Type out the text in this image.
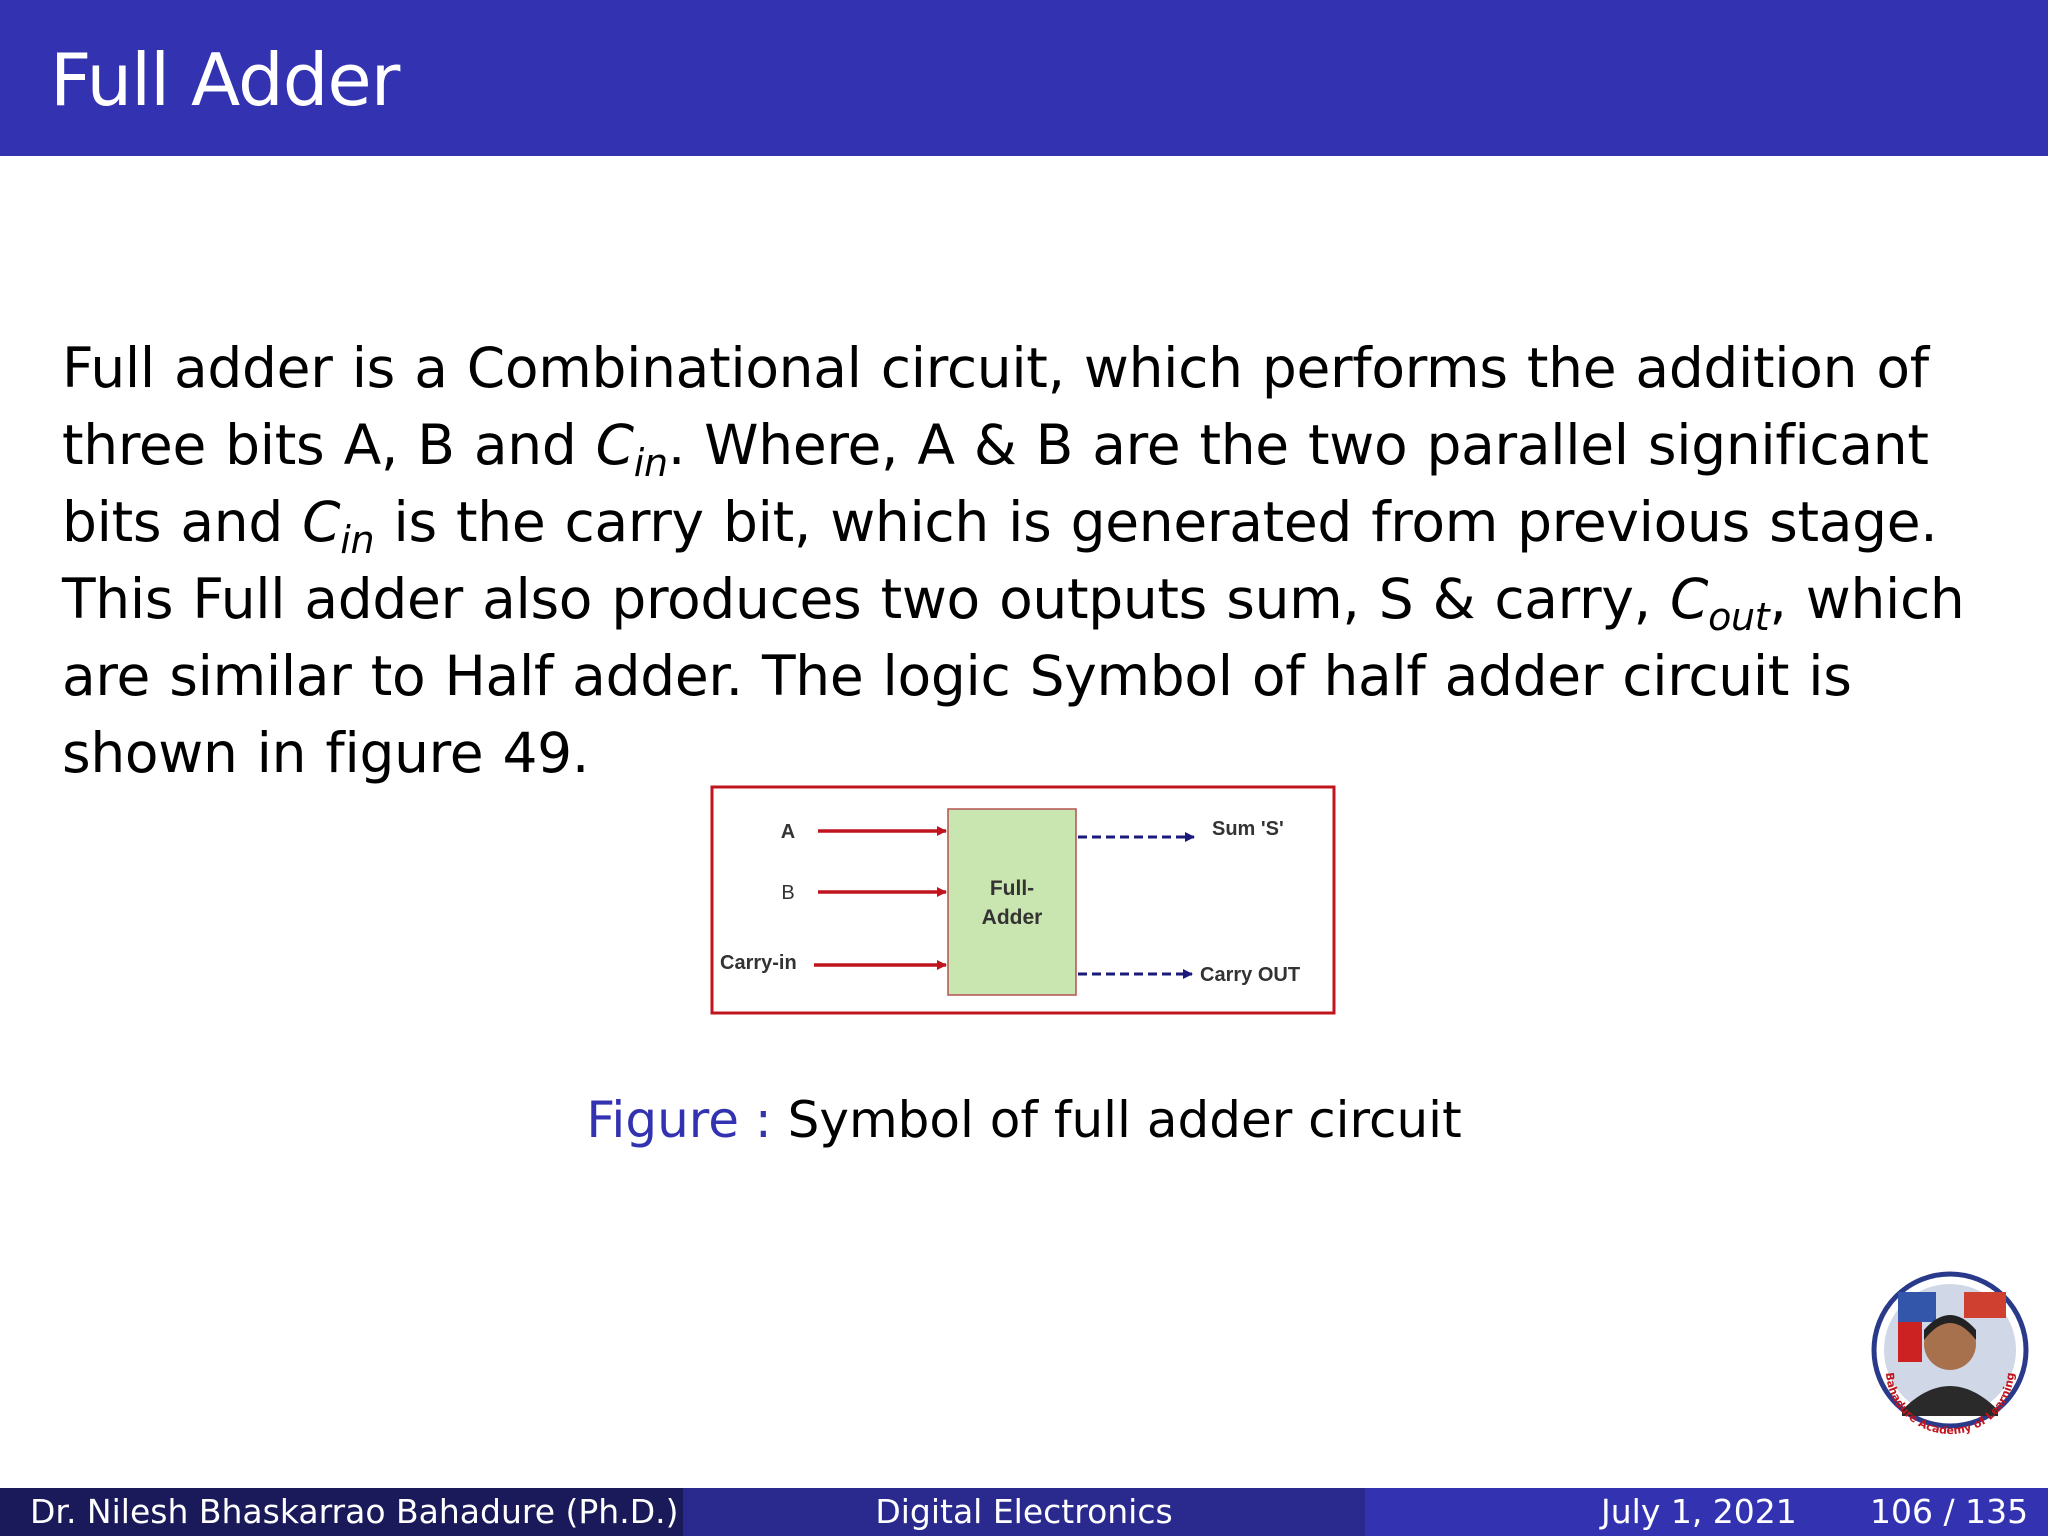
Full Adder
Full adder is a Combinational circuit, which performs the addition of three bits A, B and $C_{in}$. Where, A & B are the two parallel significant bits and $C_{in}$ is the carry bit, which is generated from previous stage. This Full adder also produces two outputs sum, S & carry, $C_{out}$, which are similar to Half adder. The logic Symbol of half adder circuit is shown in figure 49.
Full-
Adder
A
B
Carry-in
Sum 'S'
Carry OUT
Figure : Symbol of full adder circuit
Bahadure Academy of Learning
Dr. Nilesh Bhaskarrao Bahadure (Ph.D.)	Digital Electronics	July 1, 2021 106 / 135
